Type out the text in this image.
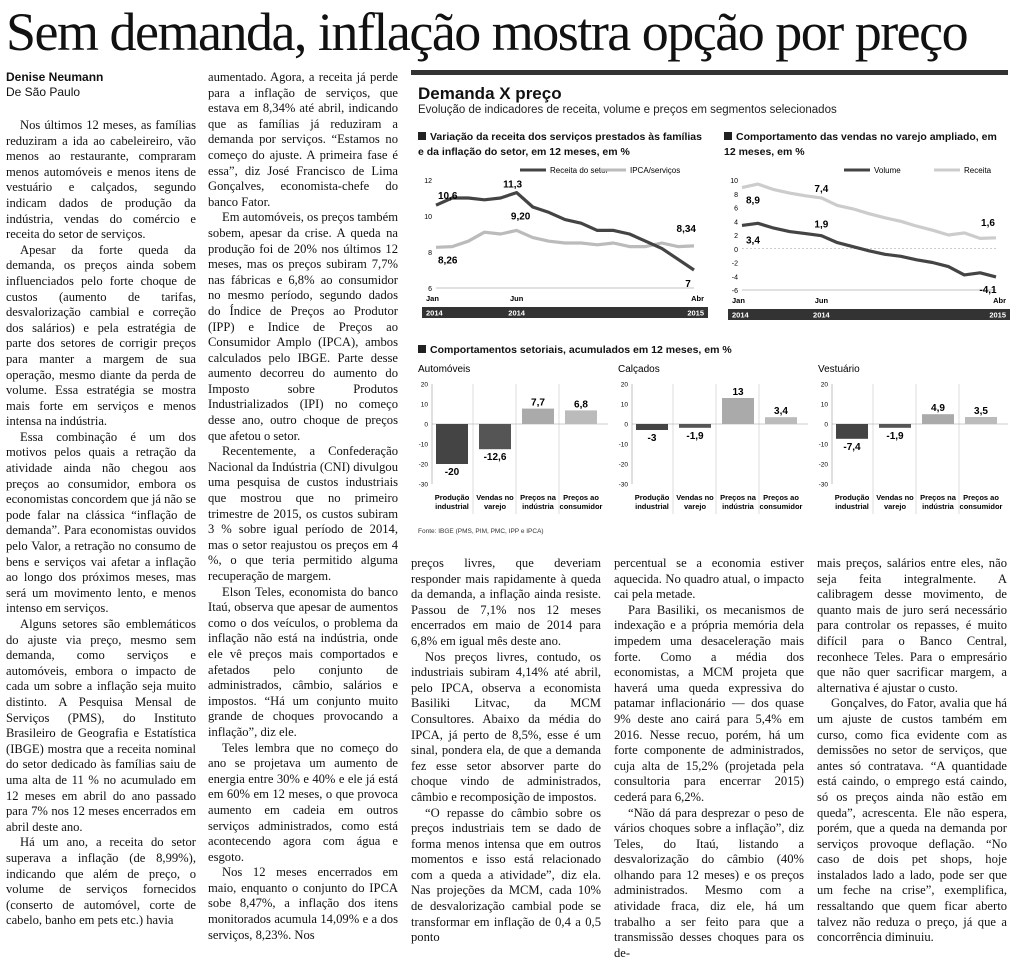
Sem demanda, inflação mostra opção por preço
Denise Neumann
De São Paulo

Nos últimos 12 meses, as famílias reduziram a ida ao cabeleireiro, vão menos ao restaurante, compraram menos automóveis e menos itens de vestuário e calçados, segundo indicam dados de produção da indústria, vendas do comércio e receita do setor de serviços.

Apesar da forte queda da demanda, os preços ainda sobem influenciados pelo forte choque de custos (aumento de tarifas, desvalorização cambial e correção dos salários) e pela estratégia de parte dos setores de corrigir preços para manter a margem de sua operação, mesmo diante da perda de volume. Essa estratégia se mostra mais forte em serviços e menos intensa na indústria.

Essa combinação é um dos motivos pelos quais a retração da atividade ainda não chegou aos preços ao consumidor, embora os economistas concordem que já não se pode falar na clássica “inflação de demanda”. Para economistas ouvidos pelo Valor, a retração no consumo de bens e serviços vai afetar a inflação ao longo dos próximos meses, mas será um movimento lento, e menos intenso em serviços.

Alguns setores são emblemáticos do ajuste via preço, mesmo sem demanda, como serviços e automóveis, embora o impacto de cada um sobre a inflação seja muito distinto. A Pesquisa Mensal de Serviços (PMS), do Instituto Brasileiro de Geografia e Estatística (IBGE) mostra que a receita nominal do setor dedicado às famílias saiu de uma alta de 11 % no acumulado em 12 meses em abril do ano passado para 7% nos 12 meses encerrados em abril deste ano.

Há um ano, a receita do setor superava a inflação (de 8,99%), indicando que além de preço, o volume de serviços fornecidos (conserto de automóvel, corte de cabelo, banho em pets etc.) havia

aumentado. Agora, a receita já perde para a inflação de serviços, que estava em 8,34% até abril, indicando que as famílias já reduziram a demanda por serviços. “Estamos no começo do ajuste. A primeira fase é essa”, diz José Francisco de Lima Gonçalves, economista-chefe do banco Fator.

Em automóveis, os preços também sobem, apesar da crise. A queda na produção foi de 20% nos últimos 12 meses, mas os preços subiram 7,7% nas fábricas e 6,8% ao consumidor no mesmo período, segundo dados do Índice de Preços ao Produtor (IPP) e Indice de Preços ao Consumidor Amplo (IPCA), ambos calculados pelo IBGE. Parte desse aumento decorreu do aumento do Imposto sobre Produtos Industrializados (IPI) no começo desse ano, outro choque de preços que afetou o setor.

Recentemente, a Confederação Nacional da Indústria (CNI) divulgou uma pesquisa de custos industriais que mostrou que no primeiro trimestre de 2015, os custos subiram 3 % sobre igual período de 2014, mas o setor reajustou os preços em 4 %, o que teria permitido alguma recuperação de margem.

Elson Teles, economista do banco Itaú, observa que apesar de aumentos como o dos veículos, o problema da inflação não está na indústria, onde ele vê preços mais comportados e afetados pelo conjunto de administrados, câmbio, salários e impostos. “Há um conjunto muito grande de choques provocando a inflação”, diz ele.

Teles lembra que no começo do ano se projetava um aumento de energia entre 30% e 40% e ele já está em 60% em 12 meses, o que provoca aumento em cadeia em outros serviços administrados, como está acontecendo agora com água e esgoto.

Nos 12 meses encerrados em maio, enquanto o conjunto do IPCA sobe 8,47%, a inflação dos itens monitorados acumula 14,09% e a dos serviços, 8,23%. Nos

Demanda X preço
Evolução de indicadores de receita, volume e preços em segmentos selecionados
Variação da receita dos serviços prestados às famílias e da inflação do setor, em 12 meses, em %
Comportamento das vendas no varejo ampliado, em 12 meses, em %
Receita do setor	IPCA/serviços
12
10
8
6
10,6
11,3
9,20
8,26
8,34
7
Jan
2014
Jun
2014
Abr
2015
Volume	Receita
10
8
6
4
2
0
-2
-4
-6
8,9
7,4
3,4
1,9	1,6
-4,1
Jan
2014
Jun
2014
Abr
2015
Comportamentos setoriais, acumulados em 12 meses, em %
Automóveis
20
10
0
-10
-20
-30
-20
Produção
industrial
-12,6
Vendas no
varejo
7,7
Preços na
indústria
6,8
Preços ao
consumidor
Calçados
20
10
0
-10
-20
-30
-3
Produção
industrial
-1,9
Vendas no
varejo
13
Preços na
indústria
3,4
Preços ao
consumidor
Vestuário
20
10
0
-10
-20
-30
-7,4
Produção
industrial
-1,9
Vendas no
varejo
4,9
Preços na
indústria
3,5
Preços ao
consumidor
Fonte: IBGE (PMS, PIM, PMC, IPP e IPCA)

preços livres, que deveriam responder mais rapidamente à queda da demanda, a inflação ainda resiste. Passou de 7,1% nos 12 meses encerrados em maio de 2014 para 6,8% em igual mês deste ano.

Nos preços livres, contudo, os industriais subiram 4,14% até abril, pelo IPCA, observa a economista Basiliki Litvac, da MCM Consultores. Abaixo da média do IPCA, já perto de 8,5%, esse é um sinal, pondera ela, de que a demanda fez esse setor absorver parte do choque vindo de administrados, câmbio e recomposição de impostos.

“O repasse do câmbio sobre os preços industriais tem se dado de forma menos intensa que em outros momentos e isso está relacionado com a queda a atividade”, diz ela. Nas projeções da MCM, cada 10% de desvalorização cambial pode se transformar em inflação de 0,4 a 0,5 ponto

percentual se a economia estiver aquecida. No quadro atual, o impacto cai pela metade.

Para Basiliki, os mecanismos de indexação e a própria memória dela impedem uma desaceleração mais forte. Como a média dos economistas, a MCM projeta que haverá uma queda expressiva do patamar inflacionário — dos quase 9% deste ano cairá para 5,4% em 2016. Nesse recuo, porém, há um forte componente de administrados, cuja alta de 15,2% (projetada pela consultoria para encerrar 2015) cederá para 6,2%.

“Não dá para desprezar o peso de vários choques sobre a inflação”, diz Teles, do Itaú, listando a desvalorização do câmbio (40% olhando para 12 meses) e os preços administrados. Mesmo com a atividade fraca, diz ele, há um trabalho a ser feito para que a transmissão desses choques para os de-

mais preços, salários entre eles, não seja feita integralmente. A calibragem desse movimento, de quanto mais de juro será necessário para controlar os repasses, é muito difícil para o Banco Central, reconhece Teles. Para o empresário que não quer sacrificar margem, a alternativa é ajustar o custo.

Gonçalves, do Fator, avalia que há um ajuste de custos também em curso, como fica evidente com as demissões no setor de serviços, que antes só contratava. “A quantidade está caindo, o emprego está caindo, só os preços ainda não estão em queda”, acrescenta. Ele não espera, porém, que a queda na demanda por serviços provoque deflação. “No caso de dois pet shops, hoje instalados lado a lado, pode ser que um feche na crise”, exemplifica, ressaltando que quem ficar aberto talvez não reduza o preço, já que a concorrência diminuiu.
